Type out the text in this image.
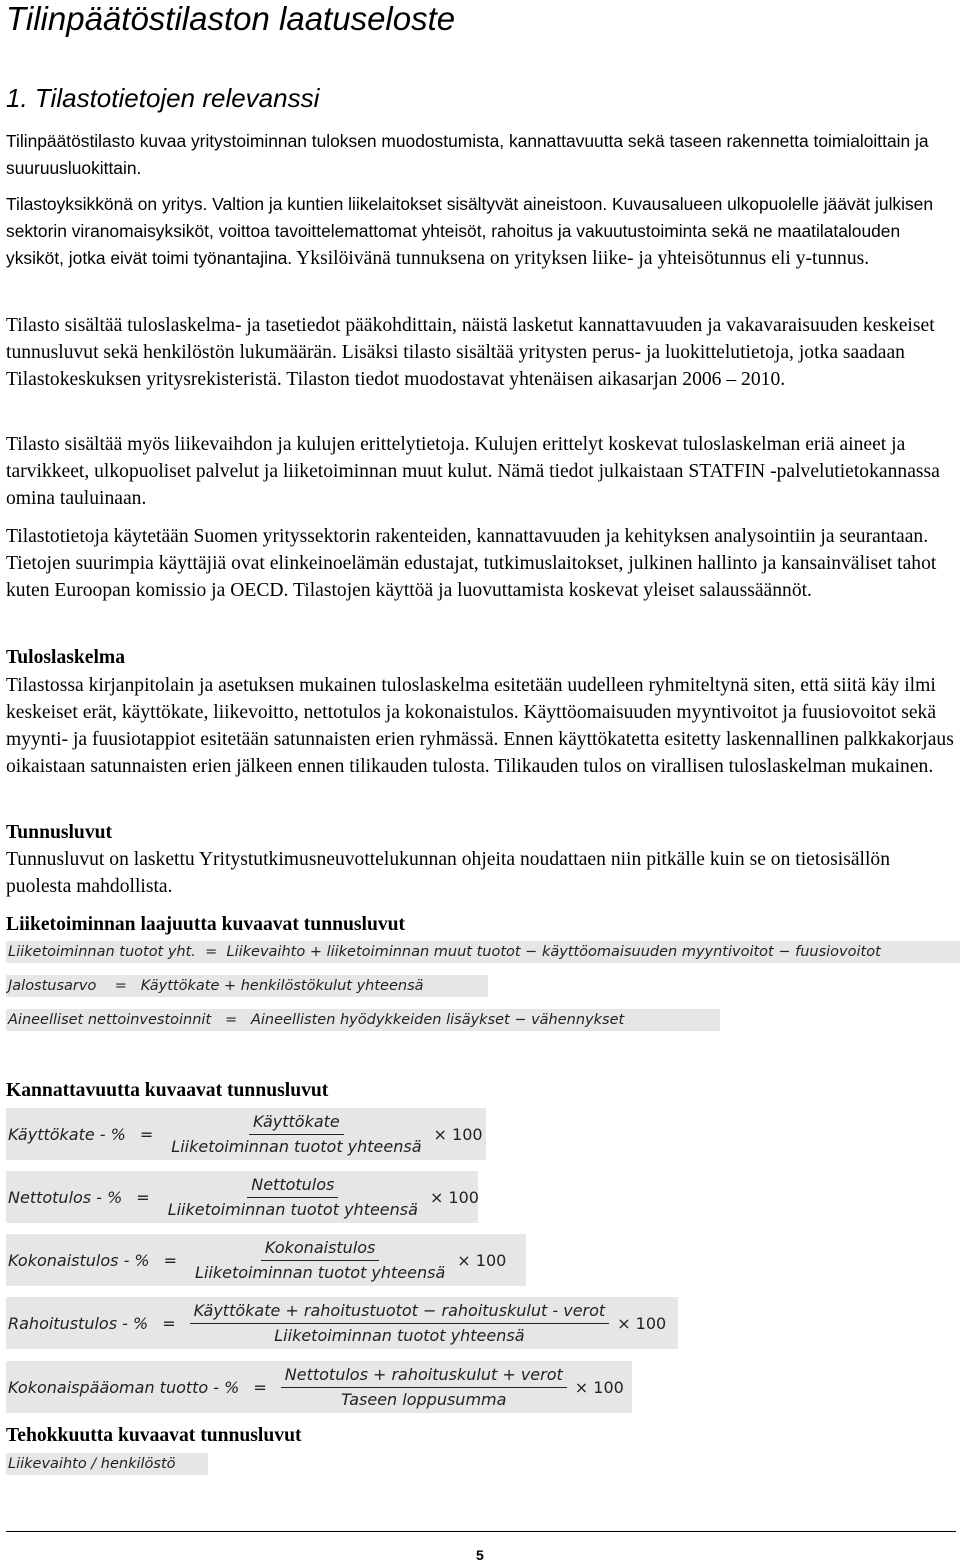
Tilinpäätöstilaston laatuseloste
1. Tilastotietojen relevanssi

Tilinpäätöstilasto kuvaa yritystoiminnan tuloksen muodostumista, kannattavuutta sekä taseen rakennetta toimialoittain ja suuruusluokittain.

Tilastoyksikkönä on yritys. Valtion ja kuntien liikelaitokset sisältyvät aineistoon. Kuvausalueen ulkopuolelle jäävät julkisen sektorin viranomaisyksiköt, voittoa tavoittelemattomat yhteisöt, rahoitus ja vakuutustoiminta sekä ne maatilatalouden yksiköt, jotka eivät toimi työnantajina. Yksilöivänä tunnuksena on yrityksen liike- ja yhteisötunnus eli y-tunnus.

Tilasto sisältää tuloslaskelma- ja tasetiedot pääkohdittain, näistä lasketut kannattavuuden ja vakavaraisuuden keskeiset tunnusluvut sekä henkilöstön lukumäärän. Lisäksi tilasto sisältää yritysten perus- ja luokittelutietoja, jotka saadaan Tilastokeskuksen yritysrekisteristä. Tilaston tiedot muodostavat yhtenäisen aikasarjan 2006 – 2010.

Tilasto sisältää myös liikevaihdon ja kulujen erittelytietoja. Kulujen erittelyt koskevat tuloslaskelman eriä aineet ja tarvikkeet, ulkopuoliset palvelut ja liiketoiminnan muut kulut. Nämä tiedot julkaistaan STATFIN -palvelutietokannassa omina tauluinaan.

Tilastotietoja käytetään Suomen yrityssektorin rakenteiden, kannattavuuden ja kehityksen analysointiin ja seurantaan. Tietojen suurimpia käyttäjiä ovat elinkeinoelämän edustajat, tutkimuslaitokset, julkinen hallinto ja kansainväliset tahot kuten Euroopan komissio ja OECD. Tilastojen käyttöä ja luovuttamista koskevat yleiset salaussäännöt.

Tuloslaskelma

Tilastossa kirjanpitolain ja asetuksen mukainen tuloslaskelma esitetään uudelleen ryhmiteltynä siten, että siitä käy ilmi keskeiset erät, käyttökate, liikevoitto, nettotulos ja kokonaistulos. Käyttöomaisuuden myyntivoitot ja fuusiovoitot sekä myynti- ja fuusiotappiot esitetään satunnaisten erien ryhmässä. Ennen käyttökatetta esitetty laskennallinen palkkakorjaus oikaistaan satunnaisten erien jälkeen ennen tilikauden tulosta. Tilikauden tulos on virallisen tuloslaskelman mukainen.

Tunnusluvut

Tunnusluvut on laskettu Yritystutkimusneuvottelukunnan ohjeita noudattaen niin pitkälle kuin se on tietosisällön puolesta mahdollista.

Liiketoiminnan laajuutta kuvaavat tunnusluvut
Liiketoiminnan tuotot yht. = Liikevaihto + liiketoiminnan muut tuotot − käyttöomaisuuden myyntivoitot − fuusiovoitot
Jalostusarvo = Käyttökate + henkilöstökulut yhteensä
Aineelliset nettoinvestoinnit = Aineellisten hyödykkeiden lisäykset − vähennykset
Kannattavuutta kuvaavat tunnusluvut
Käyttökate - % = $\frac{\text{Käyttökate}}{\text{Liiketoiminnan tuotot yhteensä}} \times 100$
Nettotulos - % = $\frac{\text{Nettotulos}}{\text{Liiketoiminnan tuotot yhteensä}} \times 100$
Kokonaistulos - % = $\frac{\text{Kokonaistulos}}{\text{Liiketoiminnan tuotot yhteensä}} \times 100$
Rahoitustulos - % = $\frac{\text{Käyttökate + rahoitustuotot − rahoituskulut - verot}}{\text{Liiketoiminnan tuotot yhteensä}} \times 100$
Kokonaispääoman tuotto - % = $\frac{\text{Nettotulos + rahoituskulut + verot}}{\text{Taseen loppusumma}} \times 100$
Tehokkuutta kuvaavat tunnusluvut
Liikevaihto / henkilöstö
5
